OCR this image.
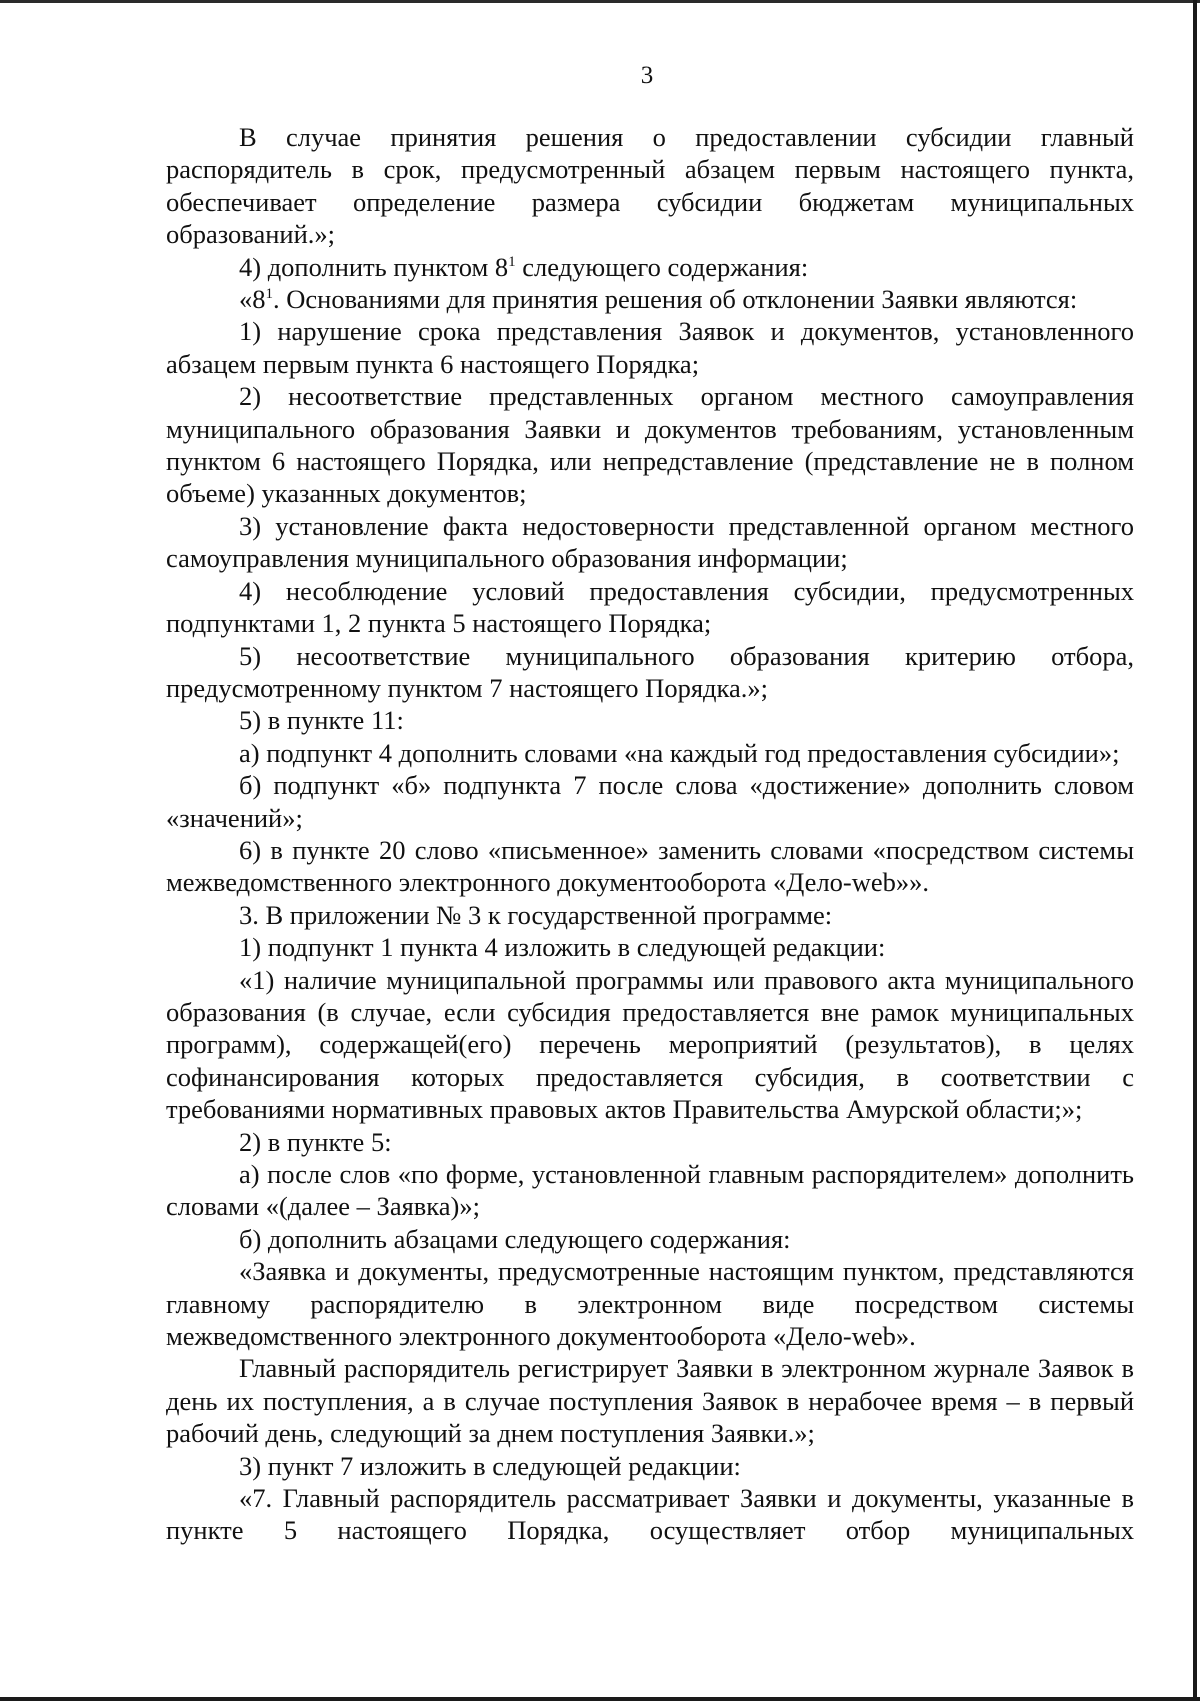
3

В случае принятия решения о предоставлении субсидии главный распорядитель в срок, предусмотренный абзацем первым настоящего пункта, обеспечивает определение размера субсидии бюджетам муниципальных образований.»;

4) дополнить пунктом $8^1$ следующего содержания:

«$8^1$. Основаниями для принятия решения об отклонении Заявки являются:

1) нарушение срока представления Заявок и документов, установленного абзацем первым пункта 6 настоящего Порядка;

2) несоответствие представленных органом местного самоуправления муниципального образования Заявки и документов требованиям, установленным пунктом 6 настоящего Порядка, или непредставление (представление не в полном объеме) указанных документов;

3) установление факта недостоверности представленной органом местного самоуправления муниципального образования информации;

4) несоблюдение условий предоставления субсидии, предусмотренных подпунктами 1, 2 пункта 5 настоящего Порядка;

5) несоответствие муниципального образования критерию отбора, предусмотренному пунктом 7 настоящего Порядка.»;

5) в пункте 11:

а) подпункт 4 дополнить словами «на каждый год предоставления субсидии»;

б) подпункт «б» подпункта 7 после слова «достижение» дополнить словом «значений»;

6) в пункте 20 слово «письменное» заменить словами «посредством системы межведомственного электронного документооборота «Дело-web»».

3. В приложении № 3 к государственной программе:

1) подпункт 1 пункта 4 изложить в следующей редакции:

«1) наличие муниципальной программы или правового акта муниципального образования (в случае, если субсидия предоставляется вне рамок муниципальных программ), содержащей(его) перечень мероприятий (результатов), в целях софинансирования которых предоставляется субсидия, в соответствии с требованиями нормативных правовых актов Правительства Амурской области;»;

2) в пункте 5:

а) после слов «по форме, установленной главным распорядителем» дополнить словами «(далее – Заявка)»;

б) дополнить абзацами следующего содержания:

«Заявка и документы, предусмотренные настоящим пунктом, представляются главному распорядителю в электронном виде посредством системы межведомственного электронного документооборота «Дело-web».

Главный распорядитель регистрирует Заявки в электронном журнале Заявок в день их поступления, а в случае поступления Заявок в нерабочее время – в первый рабочий день, следующий за днем поступления Заявки.»;

3) пункт 7 изложить в следующей редакции:

«7. Главный распорядитель рассматривает Заявки и документы, указанные в пункте 5 настоящего Порядка, осуществляет отбор муниципальных
